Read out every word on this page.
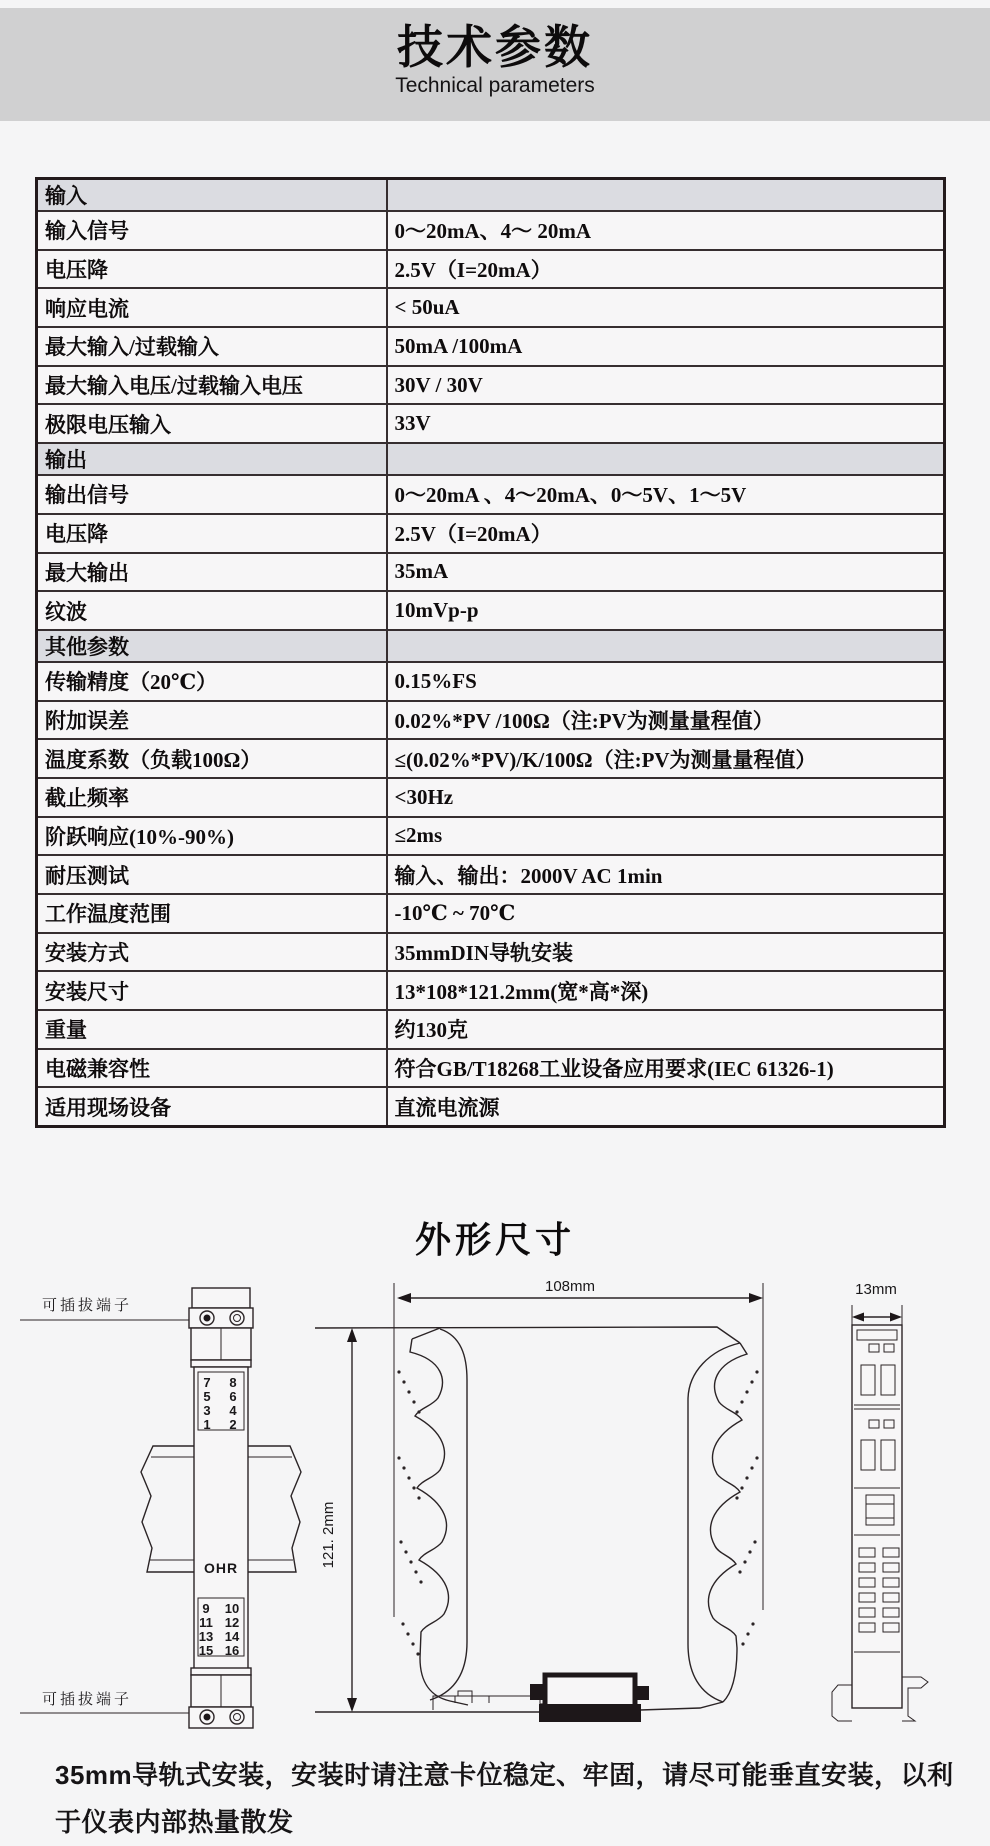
技术参数
Technical parameters
输入	
输入信号	0～20mA、4～ 20mA
电压降	2.5V（I=20mA）
响应电流	< 50uA
最大输入/过载输入	50mA /100mA
最大输入电压/过载输入电压	30V / 30V
极限电压输入	33V
输出	
输出信号	0～20mA 、4～20mA、0～5V、1～5V
电压降	2.5V（I=20mA）
最大输出	35mA
纹波	10mVp-p
其他参数	
传输精度（20℃）	0.15%FS
附加误差	0.02%*PV /100Ω（注:PV为测量量程值）
温度系数（负载100Ω）	≤(0.02%*PV)/K/100Ω（注:PV为测量量程值）
截止频率	<30Hz
阶跃响应(10%-90%)	≤2ms
耐压测试	输入、输出：2000V AC 1min
工作温度范围	-10℃ ~ 70℃
安装方式	35mmDIN导轨安装
安装尺寸	13*108*121.2mm(宽*高*深)
重量	约130克
电磁兼容性	符合GB/T18268工业设备应用要求(IEC 61326-1)
适用现场设备	直流电流源
外形尺寸
7 8
5 6
3 4
1 2
OHR
9 10
11 12
13 14
15 16
可插拔端子
可插拔端子
108mm
121. 2mm
13mm
35mm导轨式安装，安装时请注意卡位稳定、牢固，请尽可能垂直安装，以利于仪表内部热量散发
